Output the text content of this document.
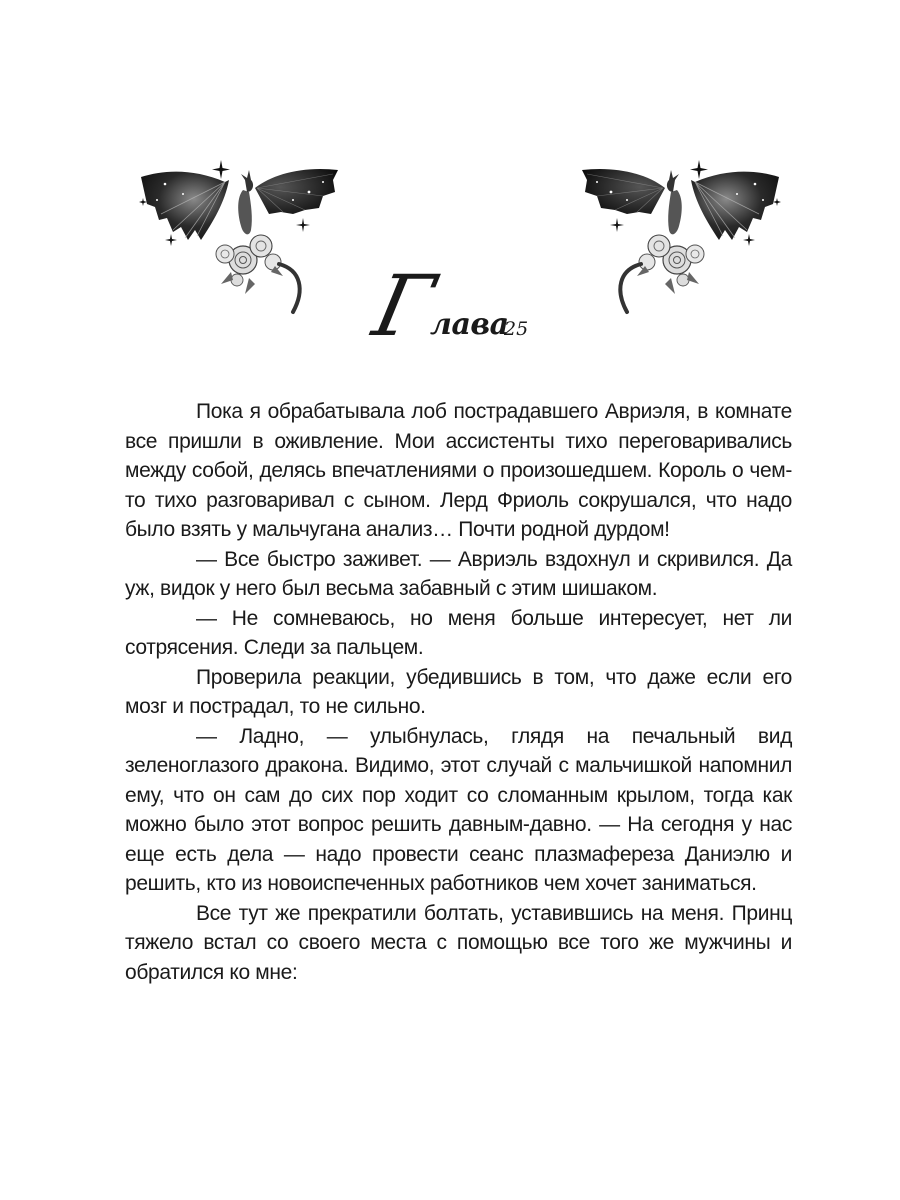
Г
лава
25

Пока я обрабатывала лоб пострадавшего Авриэля, в комнате все пришли в оживление. Мои ассистенты тихо переговаривались между собой, делясь впечатлениями о произошедшем. Король о чем-то тихо разговаривал с сыном. Лерд Фриоль сокрушался, что надо было взять у мальчугана анализ… Почти родной дурдом!

— Все быстро заживет. — Авриэль вздохнул и скривился. Да уж, видок у него был весьма забавный с этим шишаком.

— Не сомневаюсь, но меня больше интересует, нет ли сотрясения. Следи за пальцем.

Проверила реакции, убедившись в том, что даже если его мозг и пострадал, то не сильно.

— Ладно, — улыбнулась, глядя на печальный вид зеленоглазого дракона. Видимо, этот случай с мальчишкой напомнил ему, что он сам до сих пор ходит со сломанным крылом, тогда как можно было этот вопрос решить давным-давно. — На сегодня у нас еще есть дела — надо провести сеанс плазмафереза Даниэлю и решить, кто из новоиспеченных работников чем хочет заниматься.

Все тут же прекратили болтать, уставившись на меня. Принц тяжело встал со своего места с помощью все того же мужчины и обратился ко мне:
